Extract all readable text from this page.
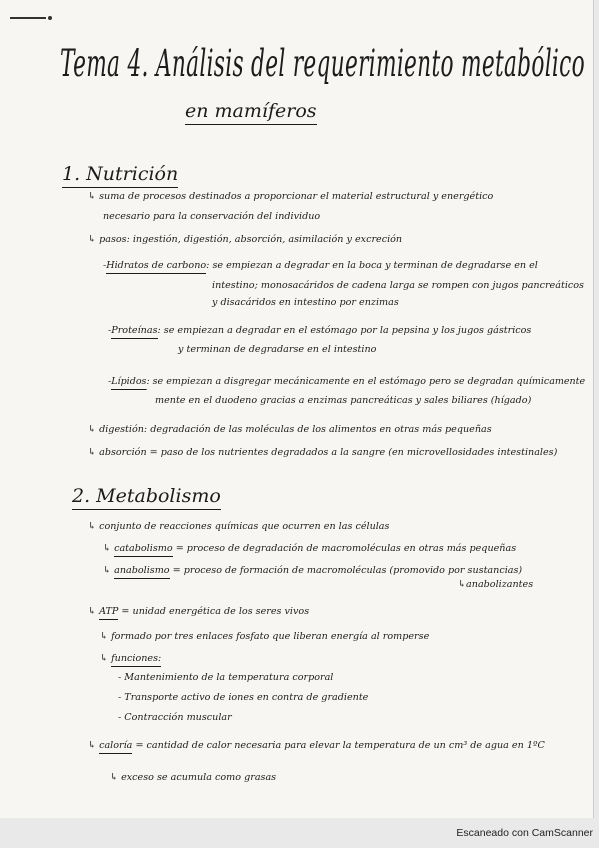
Tema 4. Análisis del requerimiento metabólico
en mamíferos
1. Nutrición
↳ suma de procesos destinados a proporcionar el material estructural y energético
necesario para la conservación del individuo
↳ pasos: ingestión, digestión, absorción, asimilación y excreción
-Hidratos de carbono: se empiezan a degradar en la boca y terminan de degradarse en el
intestino; monosacáridos de cadena larga se rompen con jugos pancreáticos
y disacáridos en intestino por enzimas
-Proteínas: se empiezan a degradar en el estómago por la pepsina y los jugos gástricos
y terminan de degradarse en el intestino
-Lípidos: se empiezan a disgregar mecánicamente en el estómago pero se degradan químicamente
mente en el duodeno gracias a enzimas pancreáticas y sales biliares (hígado)
↳ digestión: degradación de las moléculas de los alimentos en otras más pequeñas
↳ absorción = paso de los nutrientes degradados a la sangre (en microvellosidades intestinales)
2. Metabolismo
↳ conjunto de reacciones químicas que ocurren en las células
↳ catabolismo = proceso de degradación de macromoléculas en otras más pequeñas
↳ anabolismo = proceso de formación de macromoléculas (promovido por sustancias)
↳anabolizantes
↳ ATP = unidad energética de los seres vivos
↳ formado por tres enlaces fosfato que liberan energía al romperse
↳ funciones:
- Mantenimiento de la temperatura corporal
- Transporte activo de iones en contra de gradiente
- Contracción muscular
↳ caloría = cantidad de calor necesaria para elevar la temperatura de un cm³ de agua en 1ºC
↳ exceso se acumula como grasas
Escaneado con CamScanner
